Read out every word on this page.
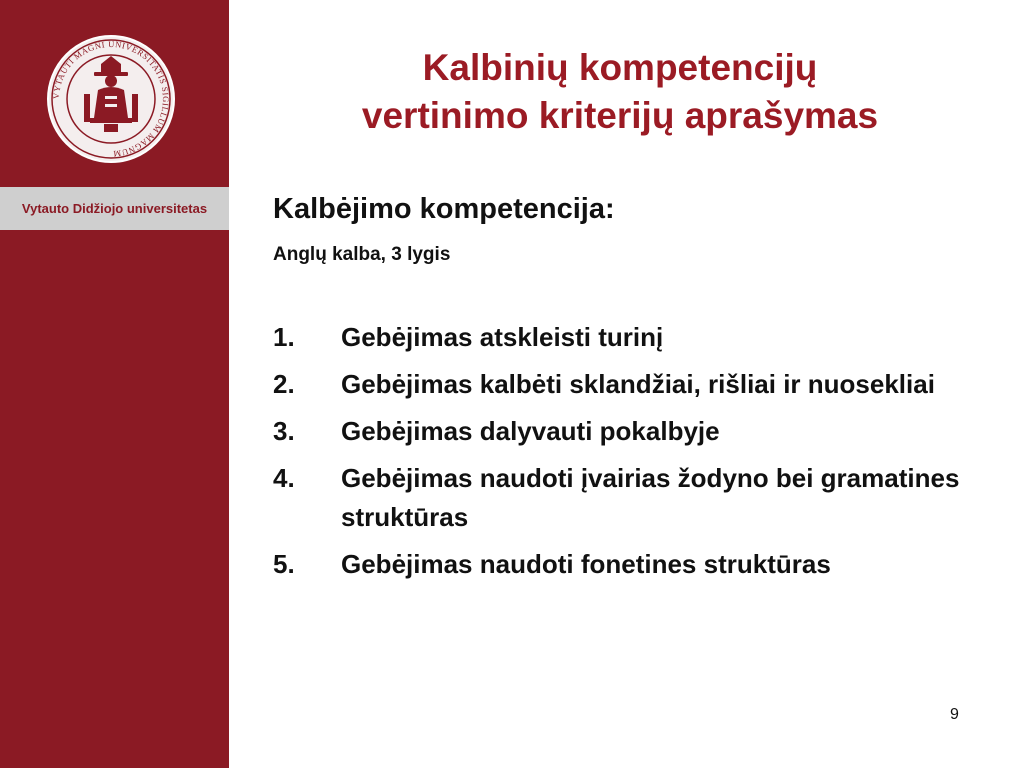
VYTAUTI MAGNI UNIVERSITATIS SIGILLUM MAGNUM
Vytauto Didžiojo universitetas
Kalbinių kompetencijų
vertinimo kriterijų aprašymas
Kalbėjimo kompetencija:
Anglų kalba, 3 lygis
1.	Gebėjimas atskleisti turinį
2.	Gebėjimas kalbėti sklandžiai, rišliai ir nuosekliai
3.	Gebėjimas dalyvauti pokalbyje
4.	Gebėjimas naudoti įvairias žodyno bei gramatines struktūras
5.	Gebėjimas naudoti fonetines struktūras
9
